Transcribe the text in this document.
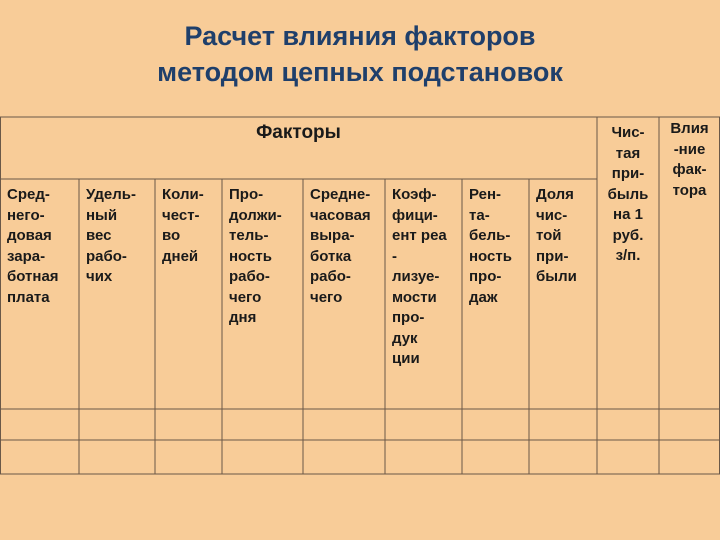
Расчет влияния факторов
методом цепных подстановок
Факторы
Сред-
него-
довая
зара-
ботная
плата
Удель-
ный
вес
рабо-
чих
Коли-
чест-
во
дней
Про-
должи-
тель-
ность
рабо-
чего
дня
Средне-
часовая
выра-
ботка
рабо-
чего
Коэф-
фици-
ент реа
-
лизуе-
мости
про-
дук
ции
Рен-
та-
бель-
ность
про-
даж
Доля
чис-
той
при-
были
Чис-
тая
при-
быль
на 1
руб.
з/п.
Влия
-ние
фак-
тора
